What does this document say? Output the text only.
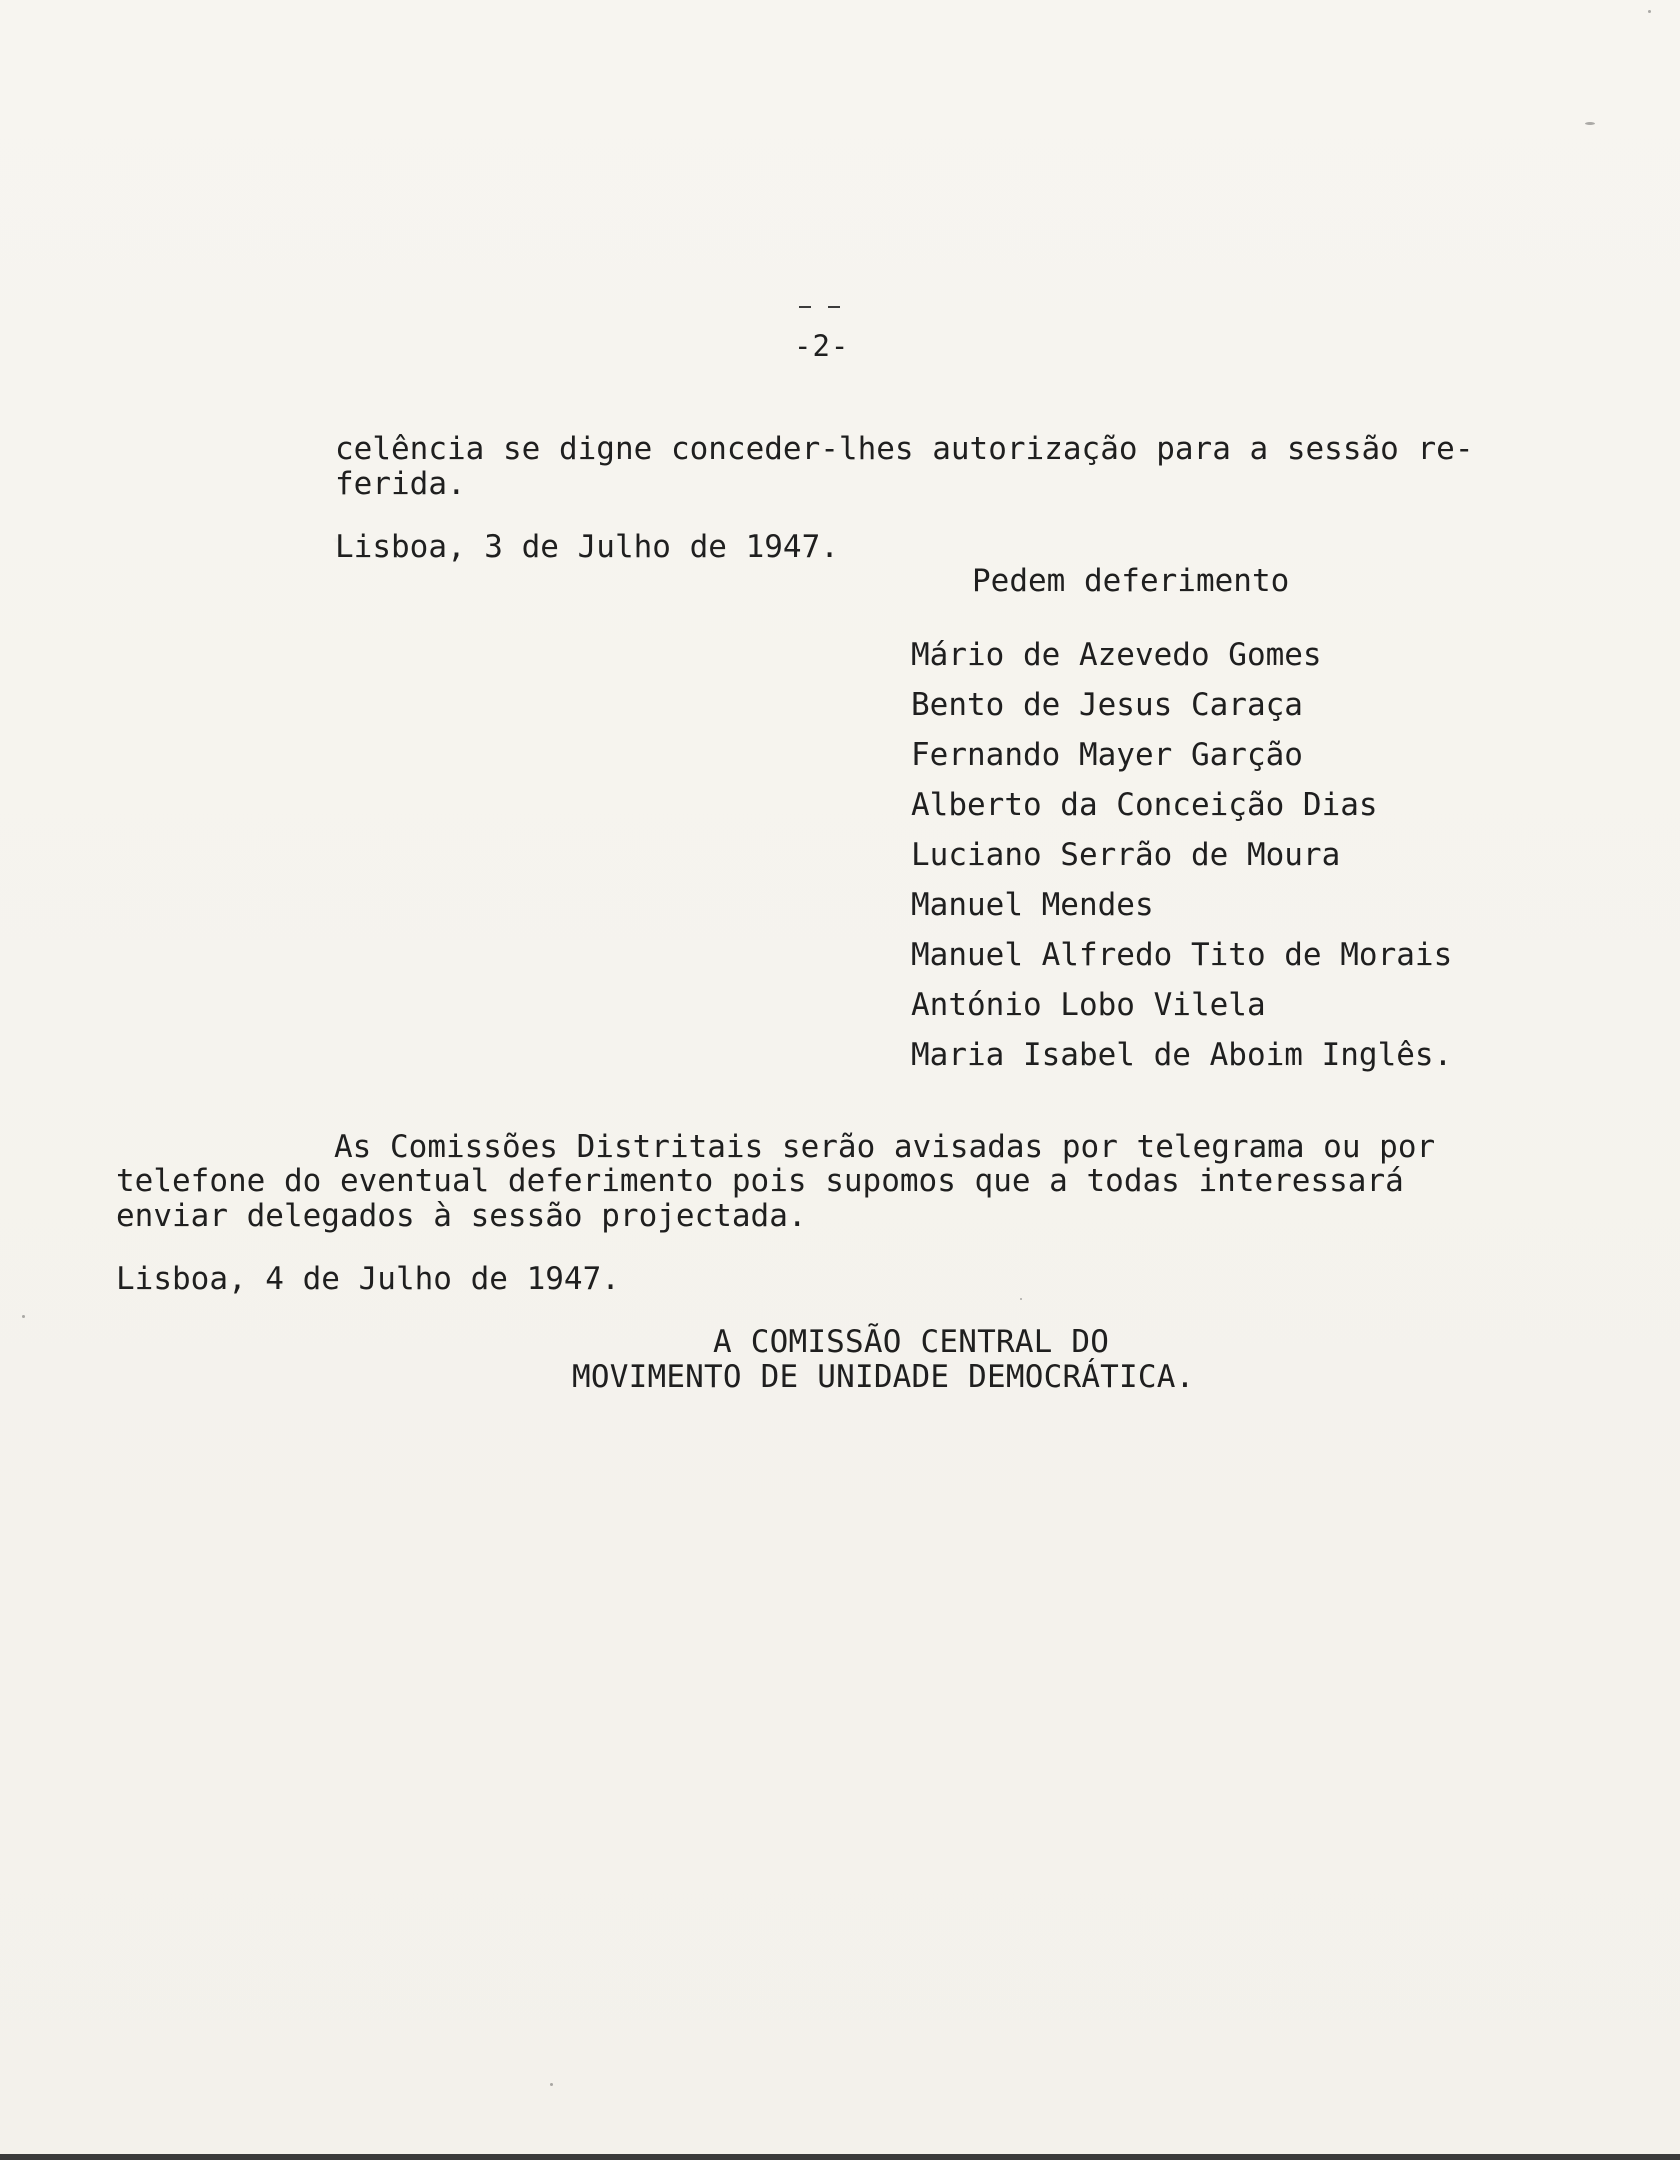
-2-
celência se digne conceder-lhes autorização para a sessão re-
ferida.
Lisboa, 3 de Julho de 1947.
Pedem deferimento
Mário de Azevedo Gomes
Bento de Jesus Caraça
Fernando Mayer Garção
Alberto da Conceição Dias
Luciano Serrão de Moura
Manuel Mendes
Manuel Alfredo Tito de Morais
António Lobo Vilela
Maria Isabel de Aboim Inglês.
As Comissões Distritais serão avisadas por telegrama ou por
telefone do eventual deferimento pois supomos que a todas interessará
enviar delegados à sessão projectada.
Lisboa, 4 de Julho de 1947.
A COMISSÃO CENTRAL DO
MOVIMENTO DE UNIDADE DEMOCRÁTICA.
